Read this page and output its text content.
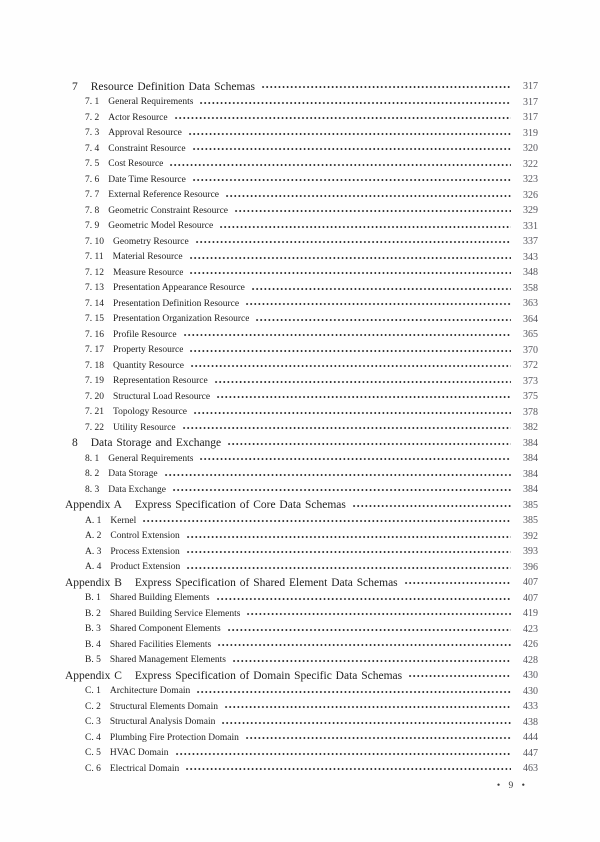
7 Resource Definition Data Schemas	317
7. 1 General Requirements	317
7. 2 Actor Resource	317
7. 3 Approval Resource	319
7. 4 Constraint Resource	320
7. 5 Cost Resource	322
7. 6 Date Time Resource	323
7. 7 External Reference Resource	326
7. 8 Geometric Constraint Resource	329
7. 9 Geometric Model Resource	331
7. 10 Geometry Resource	337
7. 11 Material Resource	343
7. 12 Measure Resource	348
7. 13 Presentation Appearance Resource	358
7. 14 Presentation Definition Resource	363
7. 15 Presentation Organization Resource	364
7. 16 Profile Resource	365
7. 17 Property Resource	370
7. 18 Quantity Resource	372
7. 19 Representation Resource	373
7. 20 Structural Load Resource	375
7. 21 Topology Resource	378
7. 22 Utility Resource	382
8 Data Storage and Exchange	384
8. 1 General Requirements	384
8. 2 Data Storage	384
8. 3 Data Exchange	384
Appendix A Express Specification of Core Data Schemas	385
A. 1 Kernel	385
A. 2 Control Extension	392
A. 3 Process Extension	393
A. 4 Product Extension	396
Appendix B Express Specification of Shared Element Data Schemas	407
B. 1 Shared Building Elements	407
B. 2 Shared Building Service Elements	419
B. 3 Shared Component Elements	423
B. 4 Shared Facilities Elements	426
B. 5 Shared Management Elements	428
Appendix C Express Specification of Domain Specific Data Schemas	430
C. 1 Architecture Domain	430
C. 2 Structural Elements Domain	433
C. 3 Structural Analysis Domain	438
C. 4 Plumbing Fire Protection Domain	444
C. 5 HVAC Domain	447
C. 6 Electrical Domain	463
• 9 •
